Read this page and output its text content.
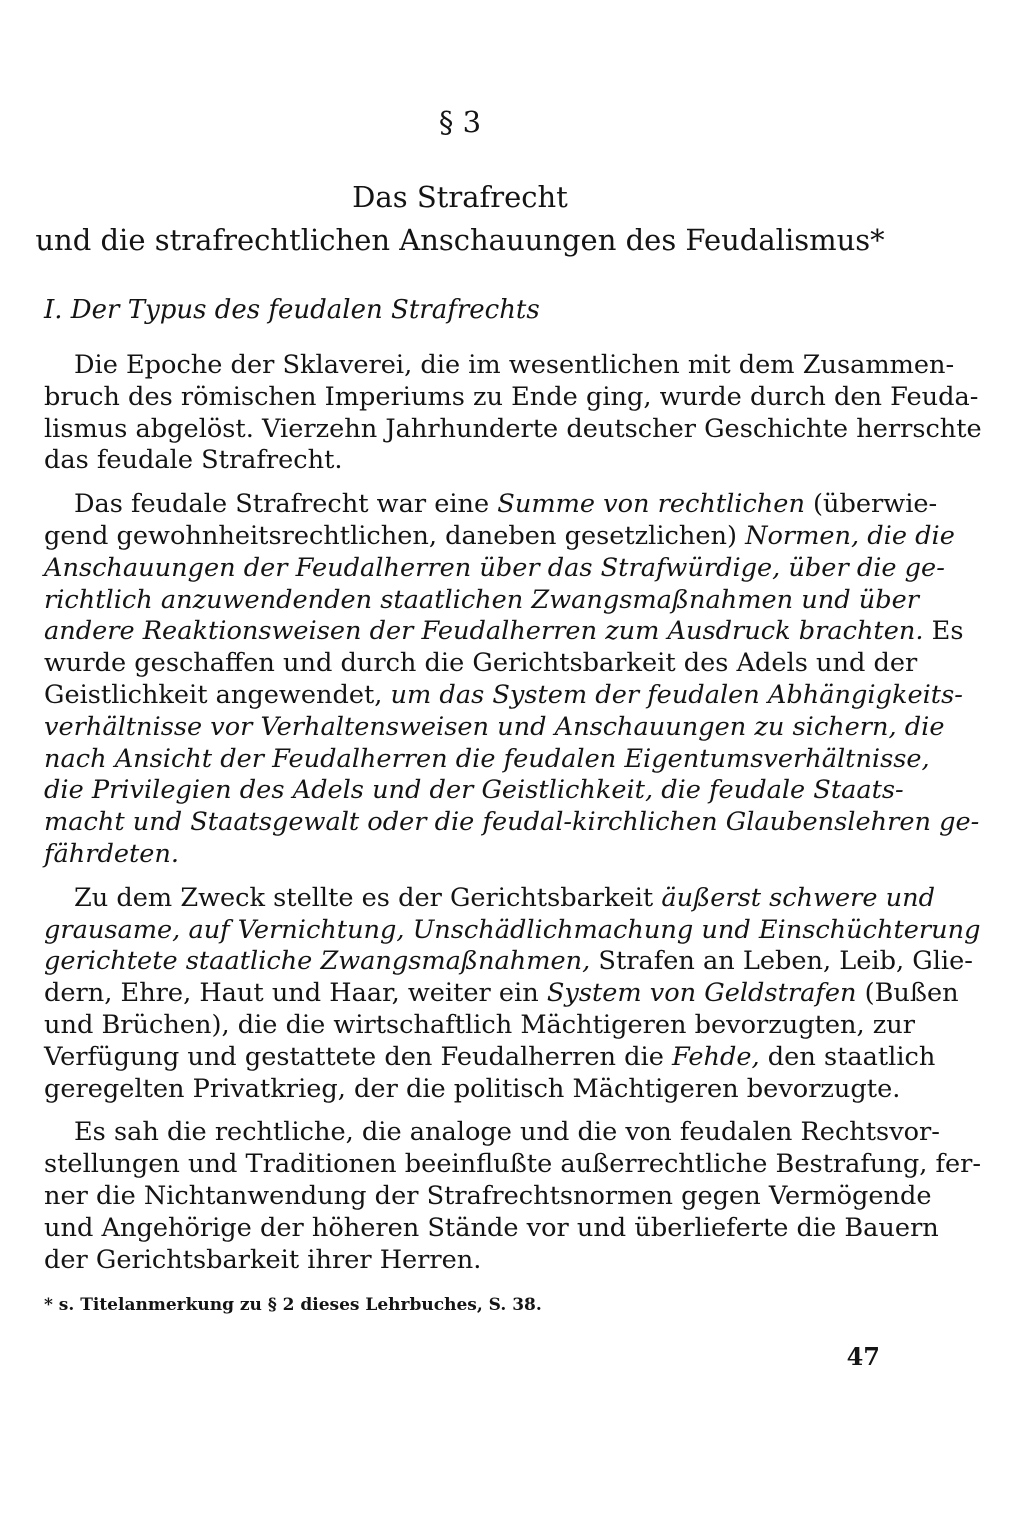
§ 3
Das Strafrecht
und die strafrechtlichen Anschauungen des Feudalismus*
I. Der Typus des feudalen Strafrechts
Die Epoche der Sklaverei, die im wesentlichen mit dem Zusammen-
bruch des römischen Imperiums zu Ende ging, wurde durch den Feuda-
lismus abgelöst. Vierzehn Jahrhunderte deutscher Geschichte herrschte
das feudale Strafrecht.
Das feudale Strafrecht war eine Summe von rechtlichen (überwie-
gend gewohnheitsrechtlichen, daneben gesetzlichen) Normen, die die
Anschauungen der Feudalherren über das Strafwürdige, über die ge-
richtlich anzuwendenden staatlichen Zwangsmaßnahmen und über
andere Reaktionsweisen der Feudalherren zum Ausdruck brachten. Es
wurde geschaffen und durch die Gerichtsbarkeit des Adels und der
Geistlichkeit angewendet, um das System der feudalen Abhängigkeits-
verhältnisse vor Verhaltensweisen und Anschauungen zu sichern, die
nach Ansicht der Feudalherren die feudalen Eigentumsverhältnisse,
die Privilegien des Adels und der Geistlichkeit, die feudale Staats-
macht und Staatsgewalt oder die feudal-kirchlichen Glaubenslehren ge-
fährdeten.
Zu dem Zweck stellte es der Gerichtsbarkeit äußerst schwere und
grausame, auf Vernichtung, Unschädlichmachung und Einschüchterung
gerichtete staatliche Zwangsmaßnahmen, Strafen an Leben, Leib, Glie-
dern, Ehre, Haut und Haar, weiter ein System von Geldstrafen (Bußen
und Brüchen), die die wirtschaftlich Mächtigeren bevorzugten, zur
Verfügung und gestattete den Feudalherren die Fehde, den staatlich
geregelten Privatkrieg, der die politisch Mächtigeren bevorzugte.
Es sah die rechtliche, die analoge und die von feudalen Rechtsvor-
stellungen und Traditionen beeinflußte außerrechtliche Bestrafung, fer-
ner die Nichtanwendung der Strafrechtsnormen gegen Vermögende
und Angehörige der höheren Stände vor und überlieferte die Bauern
der Gerichtsbarkeit ihrer Herren.
* s. Titelanmerkung zu § 2 dieses Lehrbuches, S. 38.
47
